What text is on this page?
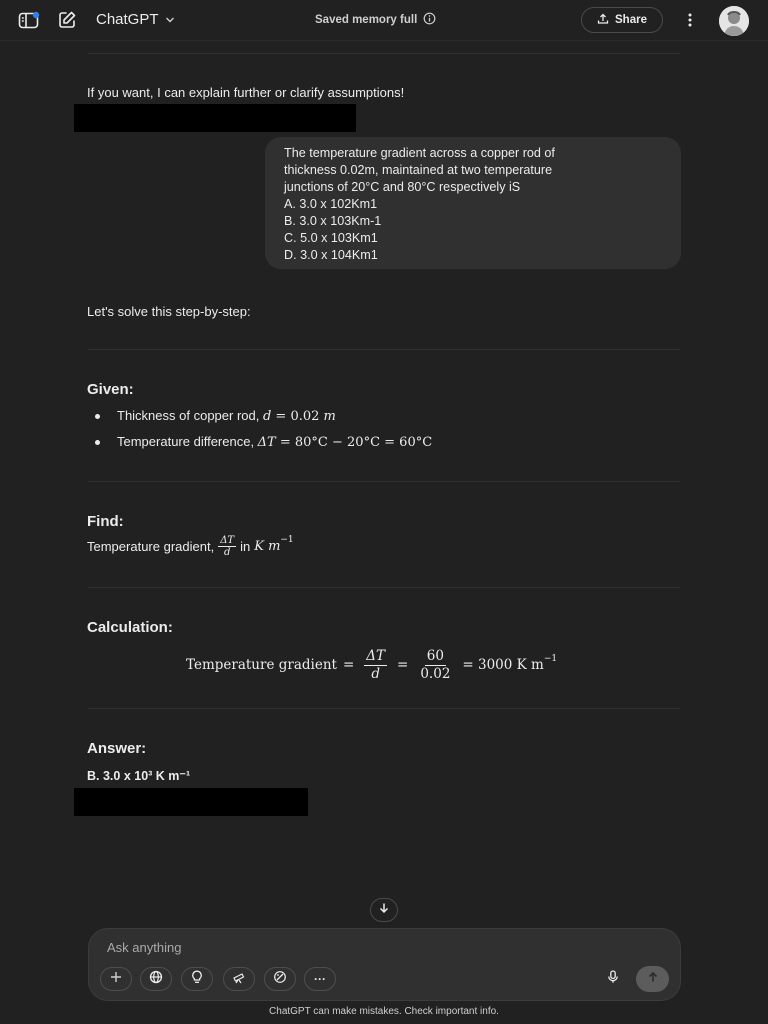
ChatGPT	Saved memory full	Share
If you want, I can explain further or clarify assumptions!
The temperature gradient across a copper rod of
thickness 0.02m, maintained at two temperature
junctions of 20°C and 80°C respectively iS
A. 3.0 x 102Km1
B. 3.0 x 103Km-1
C. 5.0 x 103Km1
D. 3.0 x 104Km1
Let's solve this step-by-step:
Given:
Thickness of copper rod, d = 0.02 m
Temperature difference, ΔT = 80°C − 20°C = 60°C
Find:
Temperature gradient, $\frac{\Delta T}{d}$ in K $m^{-1}$
Calculation:
Temperature gradient = $\frac{\Delta T}{d} = \frac{60}{0.02} = 3000$ K $m^{-1}$
Answer:
B. 3.0 x 10³ K m⁻¹
Ask anything
···
ChatGPT can make mistakes. Check important info.
